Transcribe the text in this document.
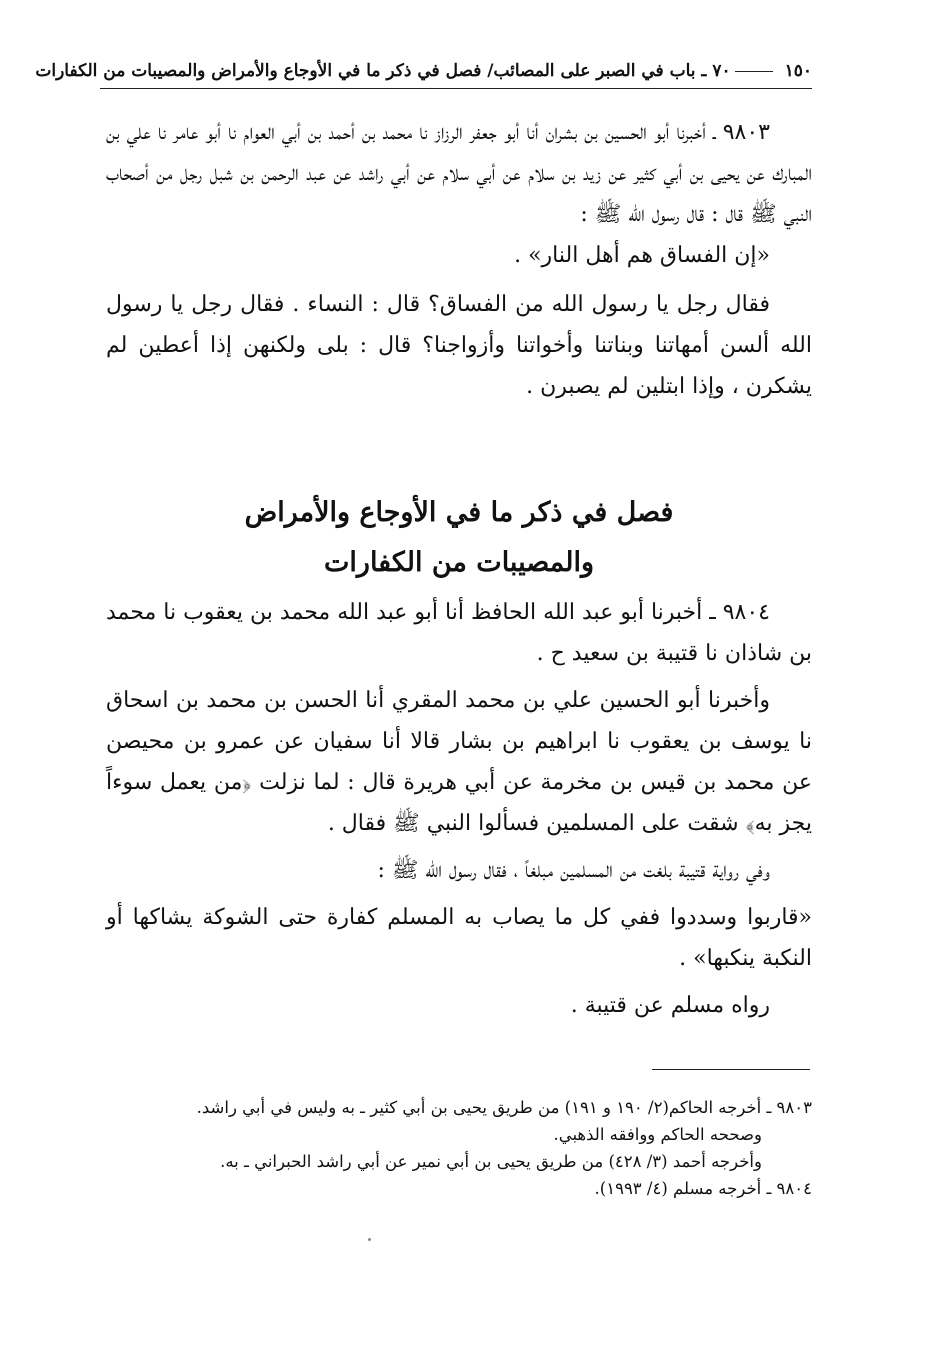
١٥٠٧٠ ـ باب في الصبر على المصائب/ فصل في ذكر ما في الأوجاع والأمراض والمصيبات من الكفارات

٩٨٠٣ ـ أخبرنا أبو الحسين بن بشران أنا أبو جعفر الرزاز نا محمد بن أحمد بن أبي العوام نا أبو عامر نا علي بن المبارك عن يحيى بن أبي كثير عن زيد بن سلام عن أبي سلام عن أبي راشد عن عبد الرحمن بن شبل رجل من أصحاب النبي ﷺ قال : قال رسول الله ﷺ :

«إن الفساق هم أهل النار» .

فقال رجل يا رسول الله من الفساق؟ قال : النساء . فقال رجل يا رسول الله ألسن أمهاتنا وبناتنا وأخواتنا وأزواجنا؟ قال : بلى ولكنهن إذا أعطين لم يشكرن ، وإذا ابتلين لم يصبرن .

فصل في ذكر ما في الأوجاع والأمراض
والمصيبات من الكفارات

٩٨٠٤ ـ أخبرنا أبو عبد الله الحافظ أنا أبو عبد الله محمد بن يعقوب نا محمد بن شاذان نا قتيبة بن سعيد ح .

وأخبرنا أبو الحسين علي بن محمد المقري أنا الحسن بن محمد بن اسحاق نا يوسف بن يعقوب نا ابراهيم بن بشار قالا أنا سفيان عن عمرو بن محيصن عن محمد بن قيس بن مخرمة عن أبي هريرة قال : لما نزلت ﴿من يعمل سوءاً يجز به﴾ شقت على المسلمين فسألوا النبي ﷺ فقال .

وفي رواية قتيبة بلغت من المسلمين مبلغاً ، فقال رسول الله ﷺ :

«قاربوا وسددوا ففي كل ما يصاب به المسلم كفارة حتى الشوكة يشاكها أو النكبة ينكبها» .

رواه مسلم عن قتيبة .

٩٨٠٣ ـ أخرجه الحاكم(٢/ ١٩٠ و ١٩١) من طريق يحيى بن أبي كثير ـ به وليس في أبي راشد.
وصححه الحاكم ووافقه الذهبي.
وأخرجه أحمد (٣/ ٤٢٨) من طريق يحيى بن أبي نمير عن أبي راشد الحبراني ـ به.
٩٨٠٤ ـ أخرجه مسلم (٤/ ١٩٩٣).
